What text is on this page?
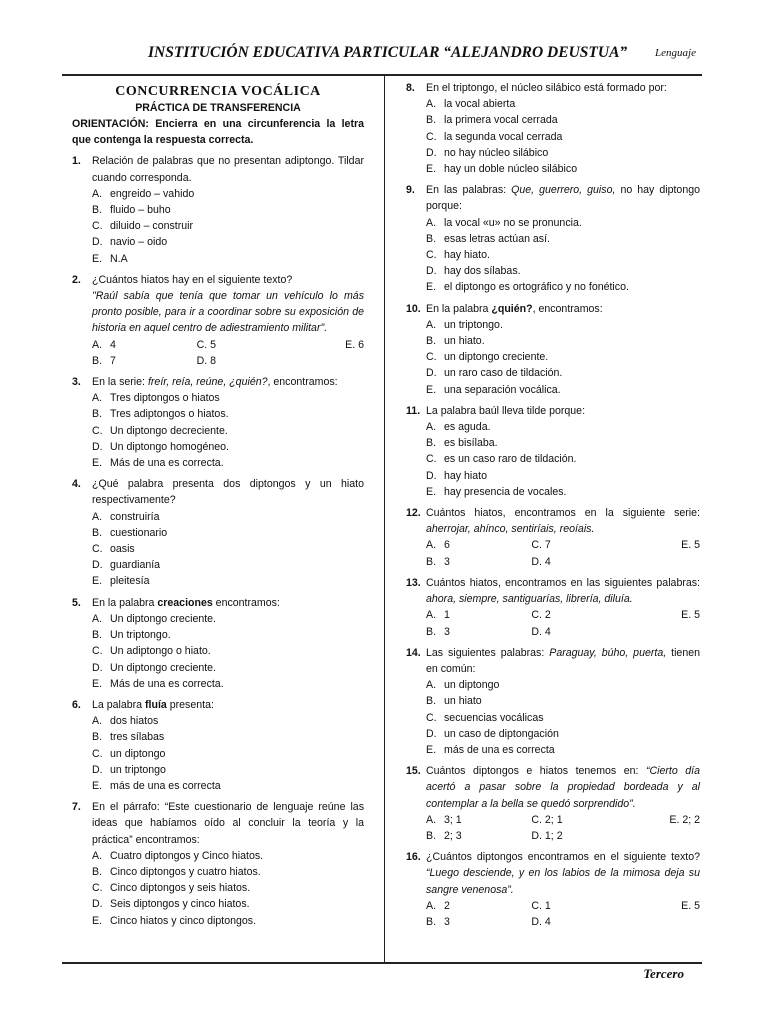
INSTITUCIÓN EDUCATIVA PARTICULAR “ALEJANDRO DEUSTUA”	Lenguaje
Tercero
CONCURRENCIA VOCÁLICA
PRÁCTICA DE TRANSFERENCIA
ORIENTACIÓN: Encierra en una circunferencia la letra que contenga la respuesta correcta.
1.	Relación de palabras que no presentan adiptongo. Tildar cuando corresponda.
A. engreido – vahido
B. fluido – buho
C. diluido – construir
D. navio – oido
E. N.A
2.	¿Cuántos hiatos hay en el siguiente texto?
"Raúl sabía que tenía que tomar un vehículo lo más pronto posible, para ir a coordinar sobre su exposición de historia en aquel centro de adiestramiento militar".
A. 4	C. 5	E. 6
B. 7	D. 8
3.	En la serie: freír, reía, reúne, ¿quién?, encontramos:
A. Tres diptongos o hiatos
B. Tres adiptongos o hiatos.
C. Un diptongo decreciente.
D. Un diptongo homogéneo.
E. Más de una es correcta.
4.	¿Qué palabra presenta dos diptongos y un hiato respectivamente?
A. construiría
B. cuestionario
C. oasis
D. guardianía
E. pleitesía
5.	En la palabra creaciones encontramos:
A. Un diptongo creciente.
B. Un triptongo.
C. Un adiptongo o hiato.
D. Un diptongo creciente.
E. Más de una es correcta.
6.	La palabra fluía presenta:
A. dos hiatos
B. tres sílabas
C. un diptongo
D. un triptongo
E. más de una es correcta
7.	En el párrafo: “Este cuestionario de lenguaje reúne las ideas que habíamos oído al concluir la teoría y la práctica” encontramos:
A. Cuatro diptongos y Cinco hiatos.
B. Cinco diptongos y cuatro hiatos.
C. Cinco diptongos y seis hiatos.
D. Seis diptongos y cinco hiatos.
E. Cinco hiatos y cinco diptongos.
8.	En el triptongo, el núcleo silábico está formado por:
A. la vocal abierta
B. la primera vocal cerrada
C. la segunda vocal cerrada
D. no hay núcleo silábico
E. hay un doble núcleo silábico
9.	En las palabras: Que, guerrero, guiso, no hay diptongo porque:
A. la vocal «u» no se pronuncia.
B. esas letras actúan así.
C. hay hiato.
D. hay dos sílabas.
E. el diptongo es ortográfico y no fonético.
10. En la palabra ¿quién?, encontramos:
A. un triptongo.
B. un hiato.
C. un diptongo creciente.
D. un raro caso de tildación.
E. una separación vocálica.
11. La palabra baúl lleva tilde porque:
A. es aguda.
B. es bisílaba.
C. es un caso raro de tildación.
D. hay hiato
E. hay presencia de vocales.
12. Cuántos hiatos, encontramos en la siguiente serie: aherrojar, ahínco, sentiríais, reoíais.
A. 6	C. 7	E. 5
B. 3	D. 4
13. Cuántos hiatos, encontramos en las siguientes palabras: ahora, siempre, santiguarías, librería, diluía.
A. 1	C. 2	E. 5
B. 3	D. 4
14. Las siguientes palabras: Paraguay, búho, puerta, tienen en común:
A. un diptongo
B. un hiato
C. secuencias vocálicas
D. un caso de diptongación
E. más de una es correcta
15. Cuántos diptongos e hiatos tenemos en: “Cierto día acertó a pasar sobre la propiedad bordeada y al contemplar a la bella se quedó sorprendido”.
A. 3; 1	C. 2; 1	E. 2; 2
B. 2; 3	D. 1; 2
16. ¿Cuántos diptongos encontramos en el siguiente texto? “Luego desciende, y en los labios de la mimosa deja su sangre venenosa”.
A. 2	C. 1	E. 5
B. 3	D. 4
